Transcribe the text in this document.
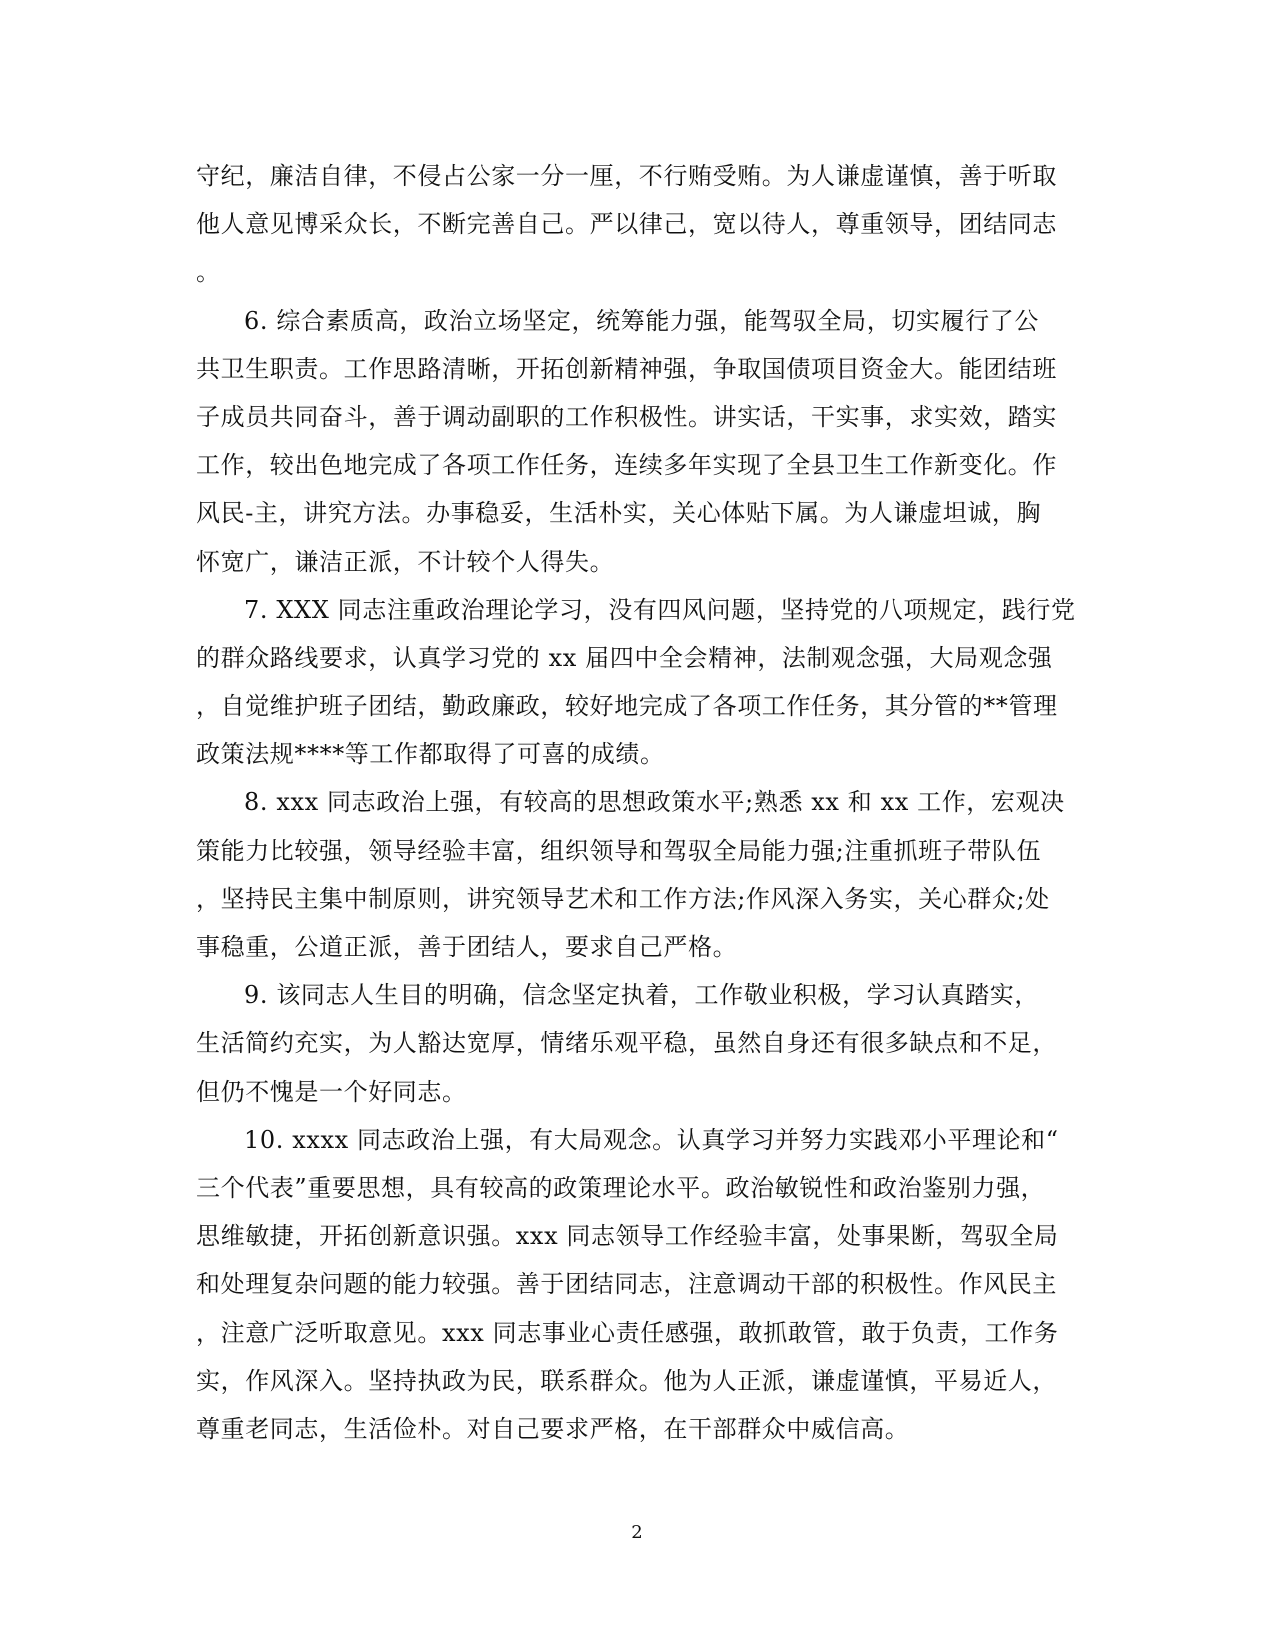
守纪，廉洁自律，不侵占公家一分一厘，不行贿受贿。为人谦虚谨慎，善于听取
他人意见博采众长，不断完善自己。严以律己，宽以待人，尊重领导，团结同志
。
6. 综合素质高，政治立场坚定，统筹能力强，能驾驭全局，切实履行了公
共卫生职责。工作思路清晰，开拓创新精神强，争取国债项目资金大。能团结班
子成员共同奋斗，善于调动副职的工作积极性。讲实话，干实事，求实效，踏实
工作，较出色地完成了各项工作任务，连续多年实现了全县卫生工作新变化。作
风民-主，讲究方法。办事稳妥，生活朴实，关心体贴下属。为人谦虚坦诚，胸
怀宽广，谦洁正派，不计较个人得失。
7. XXX 同志注重政治理论学习，没有四风问题，坚持党的八项规定，践行党
的群众路线要求，认真学习党的 xx 届四中全会精神，法制观念强，大局观念强
，自觉维护班子团结，勤政廉政，较好地完成了各项工作任务，其分管的**管理
政策法规****等工作都取得了可喜的成绩。
8. xxx 同志政治上强，有较高的思想政策水平;熟悉 xx 和 xx 工作，宏观决
策能力比较强，领导经验丰富，组织领导和驾驭全局能力强;注重抓班子带队伍
，坚持民主集中制原则，讲究领导艺术和工作方法;作风深入务实，关心群众;处
事稳重，公道正派，善于团结人，要求自己严格。
9. 该同志人生目的明确，信念坚定执着，工作敬业积极，学习认真踏实，
生活简约充实，为人豁达宽厚，情绪乐观平稳，虽然自身还有很多缺点和不足，
但仍不愧是一个好同志。
10. xxxx 同志政治上强，有大局观念。认真学习并努力实践邓小平理论和“
三个代表”重要思想，具有较高的政策理论水平。政治敏锐性和政治鉴别力强，
思维敏捷，开拓创新意识强。xxx 同志领导工作经验丰富，处事果断，驾驭全局
和处理复杂问题的能力较强。善于团结同志，注意调动干部的积极性。作风民主
，注意广泛听取意见。xxx 同志事业心责任感强，敢抓敢管，敢于负责，工作务
实，作风深入。坚持执政为民，联系群众。他为人正派，谦虚谨慎，平易近人，
尊重老同志，生活俭朴。对自己要求严格，在干部群众中威信高。
2
